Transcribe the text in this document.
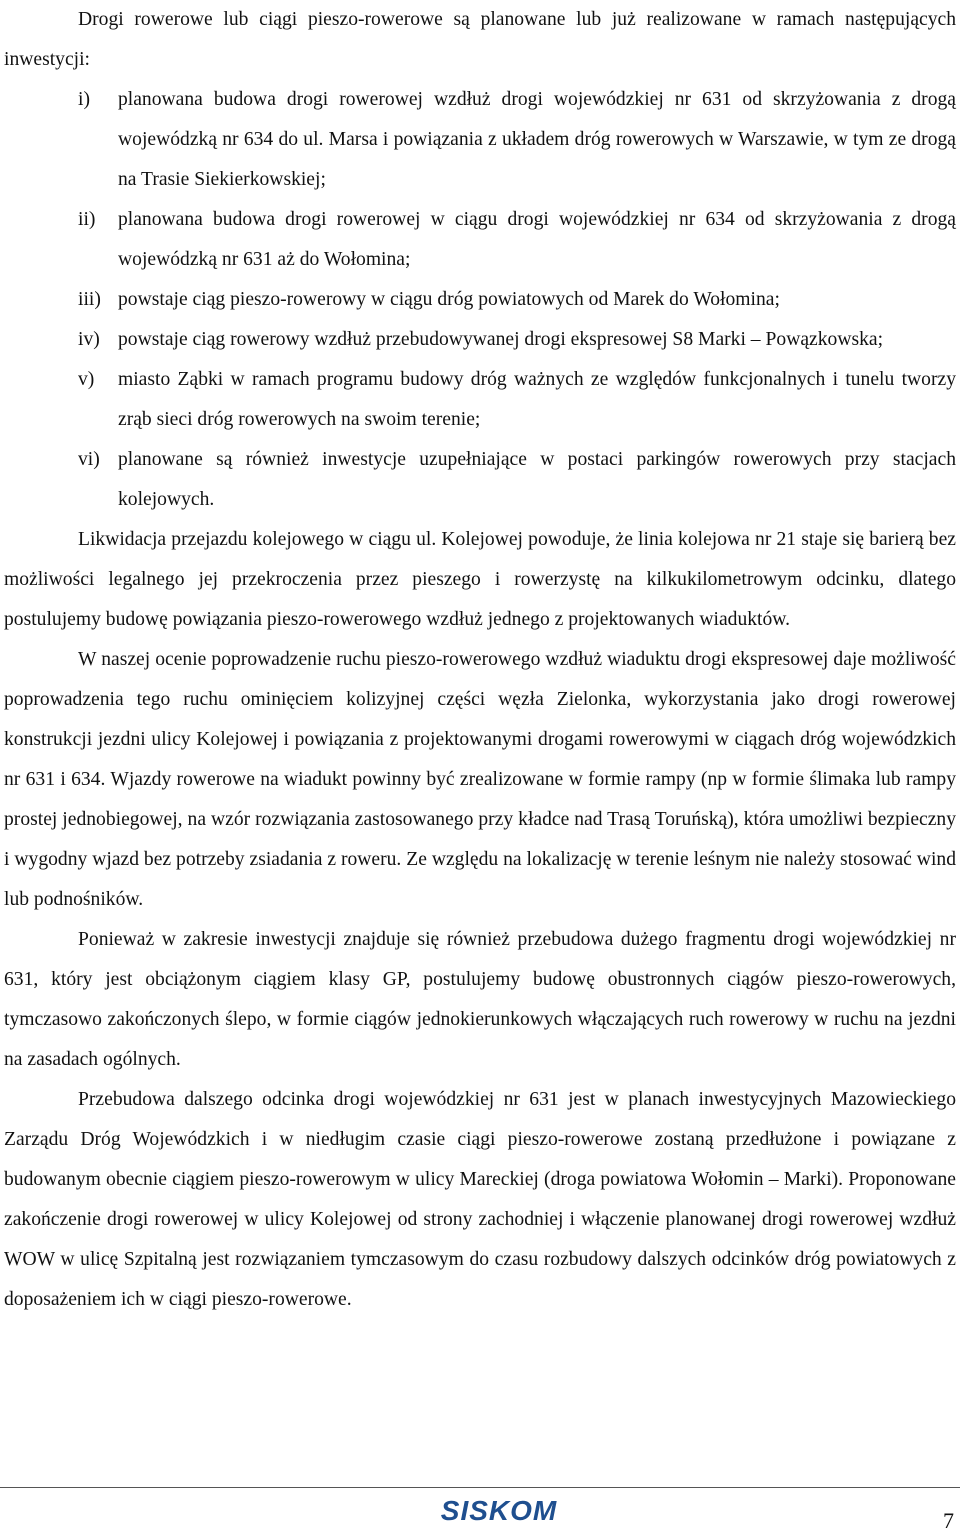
Drogi rowerowe lub ciągi pieszo-rowerowe są planowane lub już realizowane w ramach następujących inwestycji:

i) planowana budowa drogi rowerowej wzdłuż drogi wojewódzkiej nr 631 od skrzyżowania z drogą wojewódzką nr 634 do ul. Marsa i powiązania z układem dróg rowerowych w Warszawie, w tym ze drogą na Trasie Siekierkowskiej;
ii) planowana budowa drogi rowerowej w ciągu drogi wojewódzkiej nr 634 od skrzyżowania z drogą wojewódzką nr 631 aż do Wołomina;
iii) powstaje ciąg pieszo-rowerowy w ciągu dróg powiatowych od Marek do Wołomina;
iv) powstaje ciąg rowerowy wzdłuż przebudowywanej drogi ekspresowej S8 Marki – Powązkowska;
v) miasto Ząbki w ramach programu budowy dróg ważnych ze względów funkcjonalnych i tunelu tworzy zrąb sieci dróg rowerowych na swoim terenie;
vi) planowane są również inwestycje uzupełniające w postaci parkingów rowerowych przy stacjach kolejowych.

Likwidacja przejazdu kolejowego w ciągu ul. Kolejowej powoduje, że linia kolejowa nr 21 staje się barierą bez możliwości legalnego jej przekroczenia przez pieszego i rowerzystę na kilkukilometrowym odcinku, dlatego postulujemy budowę powiązania pieszo-rowerowego wzdłuż jednego z projektowanych wiaduktów.

W naszej ocenie poprowadzenie ruchu pieszo-rowerowego wzdłuż wiaduktu drogi ekspresowej daje możliwość poprowadzenia tego ruchu ominięciem kolizyjnej części węzła Zielonka, wykorzystania jako drogi rowerowej konstrukcji jezdni ulicy Kolejowej i powiązania z projektowanymi drogami rowerowymi w ciągach dróg wojewódzkich nr 631 i 634. Wjazdy rowerowe na wiadukt powinny być zrealizowane w formie rampy (np w formie ślimaka lub rampy prostej jednobiegowej, na wzór rozwiązania zastosowanego przy kładce nad Trasą Toruńską), która umożliwi bezpieczny i wygodny wjazd bez potrzeby zsiadania z roweru. Ze względu na lokalizację w terenie leśnym nie należy stosować wind lub podnośników.

Ponieważ w zakresie inwestycji znajduje się również przebudowa dużego fragmentu drogi wojewódzkiej nr 631, który jest obciążonym ciągiem klasy GP, postulujemy budowę obustronnych ciągów pieszo-rowerowych, tymczasowo zakończonych ślepo, w formie ciągów jednokierunkowych włączających ruch rowerowy w ruchu na jezdni na zasadach ogólnych.

Przebudowa dalszego odcinka drogi wojewódzkiej nr 631 jest w planach inwestycyjnych Mazowieckiego Zarządu Dróg Wojewódzkich i w niedługim czasie ciągi pieszo-rowerowe zostaną przedłużone i powiązane z budowanym obecnie ciągiem pieszo-rowerowym w ulicy Mareckiej (droga powiatowa Wołomin – Marki). Proponowane zakończenie drogi rowerowej w ulicy Kolejowej od strony zachodniej i włączenie planowanej drogi rowerowej wzdłuż WOW w ulicę Szpitalną jest rozwiązaniem tymczasowym do czasu rozbudowy dalszych odcinków dróg powiatowych z doposażeniem ich w ciągi pieszo-rowerowe.

SISKOM	7
